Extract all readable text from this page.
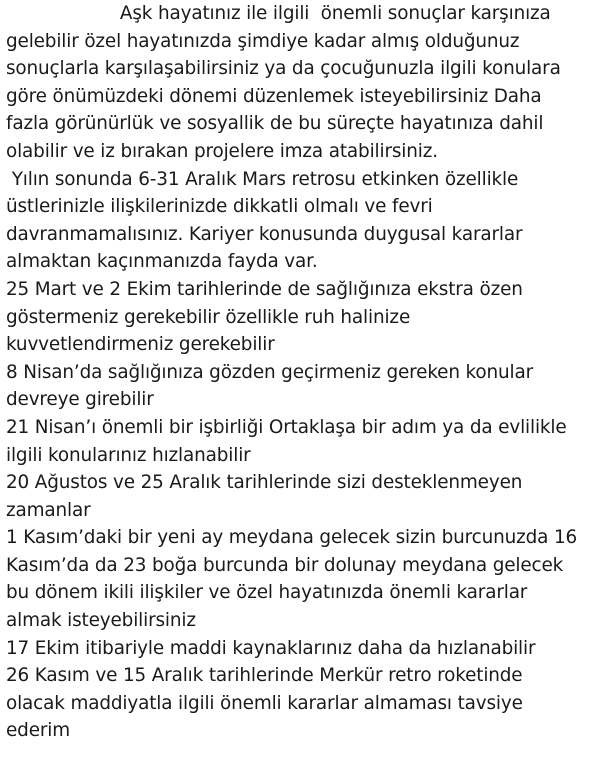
Aşk hayatınız ile ilgili  önemli sonuçlar karşınıza
gelebilir özel hayatınızda şimdiye kadar almış olduğunuz
sonuçlarla karşılaşabilirsiniz ya da çocuğunuzla ilgili konulara
göre önümüzdeki dönemi düzenlemek isteyebilirsiniz Daha
fazla görünürlük ve sosyallik de bu süreçte hayatınıza dahil
olabilir ve iz bırakan projelere imza atabilirsiniz.
Yılın sonunda 6-31 Aralık Mars retrosu etkinken özellikle
üstlerinizle ilişkilerinizde dikkatli olmalı ve fevri
davranmamalısınız. Kariyer konusunda duygusal kararlar
almaktan kaçınmanızda fayda var.
25 Mart ve 2 Ekim tarihlerinde de sağlığınıza ekstra özen
göstermeniz gerekebilir özellikle ruh halinize
kuvvetlendirmeniz gerekebilir
8 Nisan’da sağlığınıza gözden geçirmeniz gereken konular
devreye girebilir
21 Nisan’ı önemli bir işbirliği Ortaklaşa bir adım ya da evlilikle
ilgili konularınız hızlanabilir
20 Ağustos ve 25 Aralık tarihlerinde sizi desteklenmeyen
zamanlar
1 Kasım’daki bir yeni ay meydana gelecek sizin burcunuzda 16
Kasım’da da 23 boğa burcunda bir dolunay meydana gelecek
bu dönem ikili ilişkiler ve özel hayatınızda önemli kararlar
almak isteyebilirsiniz
17 Ekim itibariyle maddi kaynaklarınız daha da hızlanabilir
26 Kasım ve 15 Aralık tarihlerinde Merkür retro roketinde
olacak maddiyatla ilgili önemli kararlar almaması tavsiye
ederim
